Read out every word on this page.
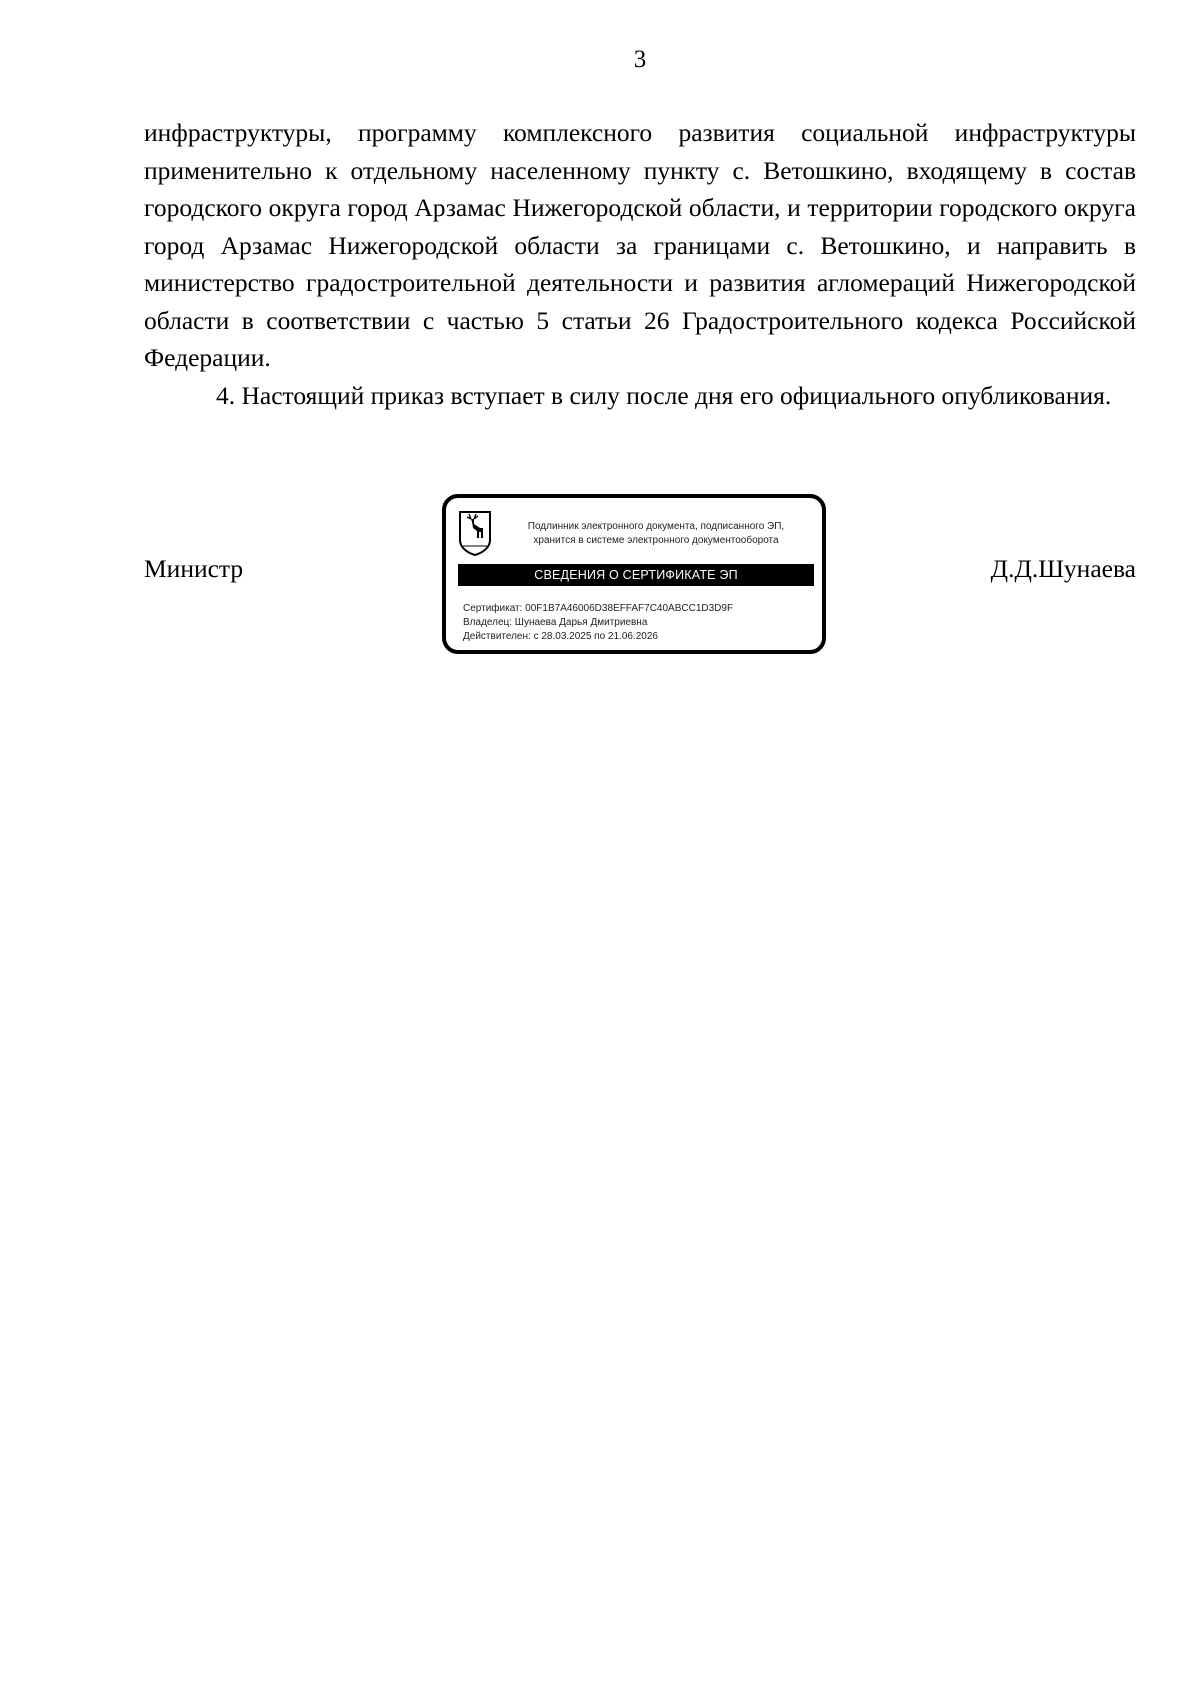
3

инфраструктуры, программу комплексного развития социальной инфраструктуры применительно к отдельному населенному пункту с. Ветошкино, входящему в состав городского округа город Арзамас Нижегородской области, и территории городского округа город Арзамас Нижегородской области за границами с. Ветошкино, и направить в министерство градостроительной деятельности и развития агломераций Нижегородской области в соответствии с частью 5 статьи 26 Градостроительного кодекса Российской Федерации.

4. Настоящий приказ вступает в силу после дня его официального опубликования.

Министр	Д.Д.Шунаева
Подлинник электронного документа, подписанного ЭП,
хранится в системе электронного документооборота
СВЕДЕНИЯ О СЕРТИФИКАТЕ ЭП
Сертификат: 00F1B7A46006D38EFFAF7C40ABCC1D3D9F
Владелец: Шунаева Дарья Дмитриевна
Действителен: с 28.03.2025 по 21.06.2026
